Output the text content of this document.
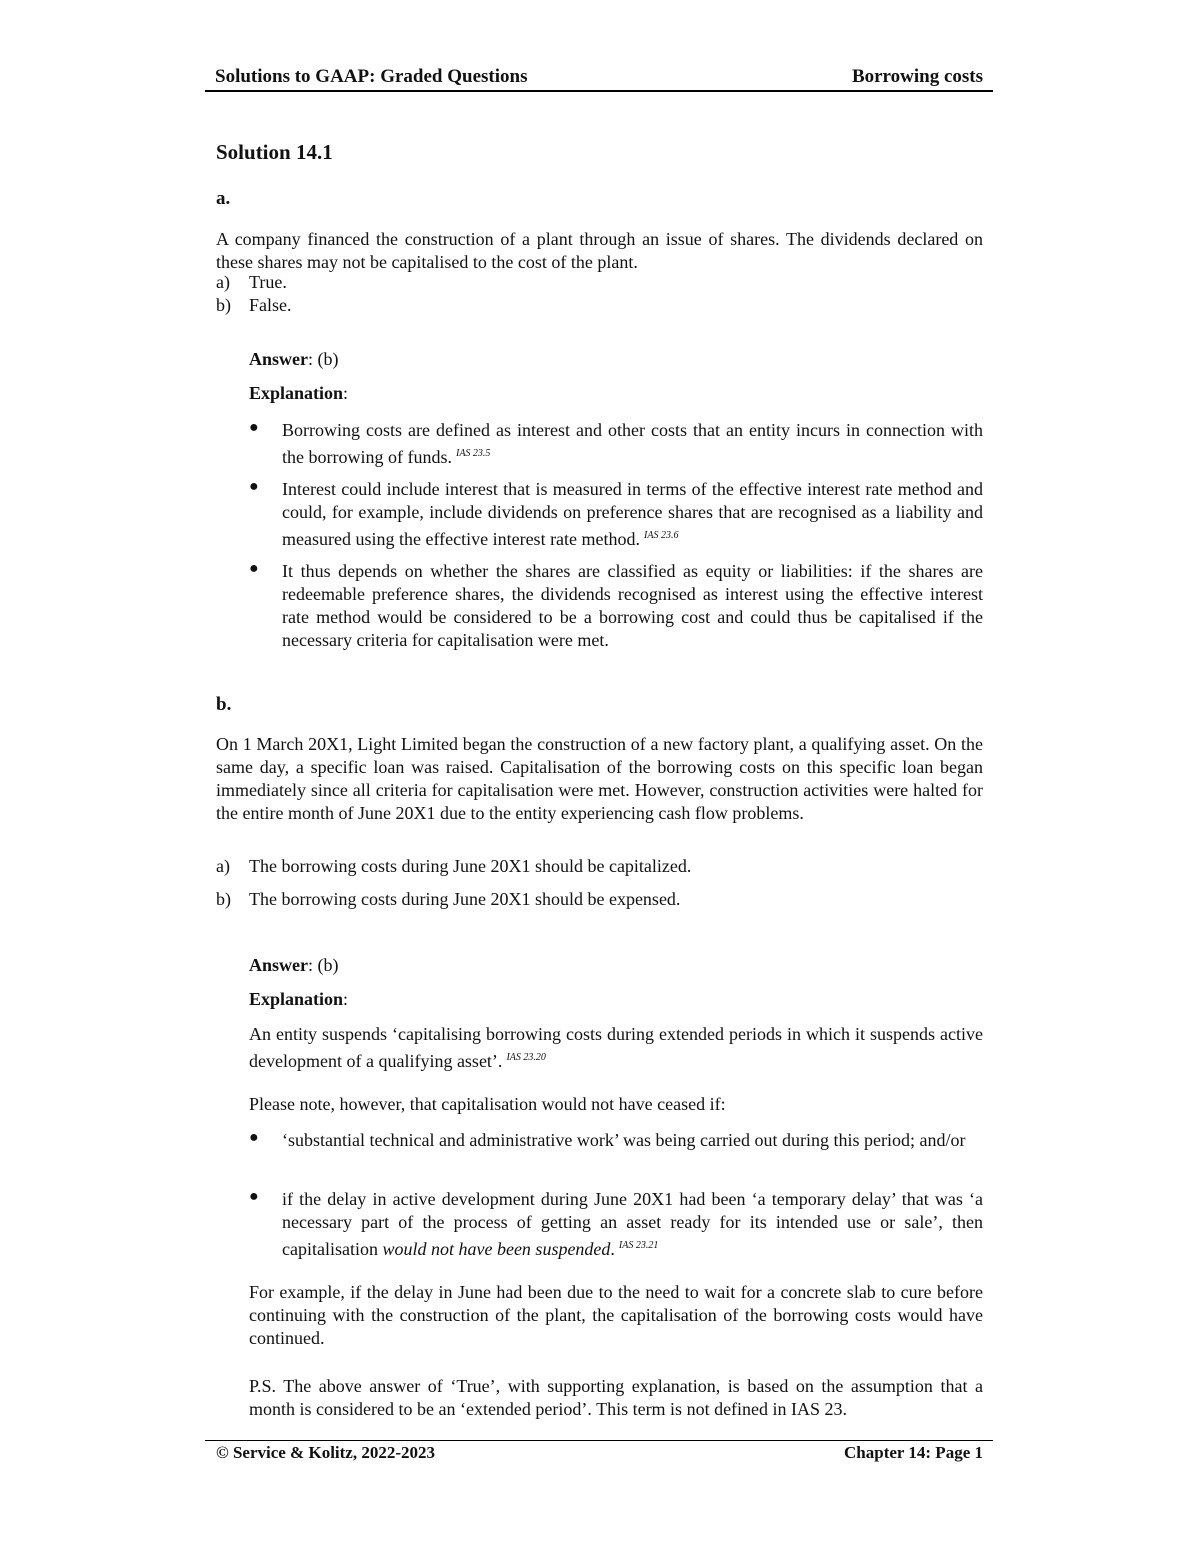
Solutions to GAAP: Graded Questions	Borrowing costs
Solution 14.1
a.
A company financed the construction of a plant through an issue of shares. The dividends declared on these shares may not be capitalised to the cost of the plant.
a) True.
b) False.
Answer: (b)
Explanation:
● Borrowing costs are defined as interest and other costs that an entity incurs in connection with the borrowing of funds. $^{IAS 23.5}$
● Interest could include interest that is measured in terms of the effective interest rate method and could, for example, include dividends on preference shares that are recognised as a liability and measured using the effective interest rate method. $^{IAS 23.6}$
● It thus depends on whether the shares are classified as equity or liabilities: if the shares are redeemable preference shares, the dividends recognised as interest using the effective interest rate method would be considered to be a borrowing cost and could thus be capitalised if the necessary criteria for capitalisation were met.
b.
On 1 March 20X1, Light Limited began the construction of a new factory plant, a qualifying asset. On the same day, a specific loan was raised. Capitalisation of the borrowing costs on this specific loan began immediately since all criteria for capitalisation were met. However, construction activities were halted for the entire month of June 20X1 due to the entity experiencing cash flow problems.
a) The borrowing costs during June 20X1 should be capitalized.
b) The borrowing costs during June 20X1 should be expensed.
Answer: (b)
Explanation:
An entity suspends ‘capitalising borrowing costs during extended periods in which it suspends active development of a qualifying asset’. $^{IAS 23.20}$
Please note, however, that capitalisation would not have ceased if:
● ‘substantial technical and administrative work’ was being carried out during this period; and/or
● if the delay in active development during June 20X1 had been ‘a temporary delay’ that was ‘a necessary part of the process of getting an asset ready for its intended use or sale’, then capitalisation would not have been suspended. $^{IAS 23.21}$
For example, if the delay in June had been due to the need to wait for a concrete slab to cure before continuing with the construction of the plant, the capitalisation of the borrowing costs would have continued.
P.S. The above answer of ‘True’, with supporting explanation, is based on the assumption that a month is considered to be an ‘extended period’. This term is not defined in IAS 23.
© Service & Kolitz, 2022-2023	Chapter 14: Page 1
